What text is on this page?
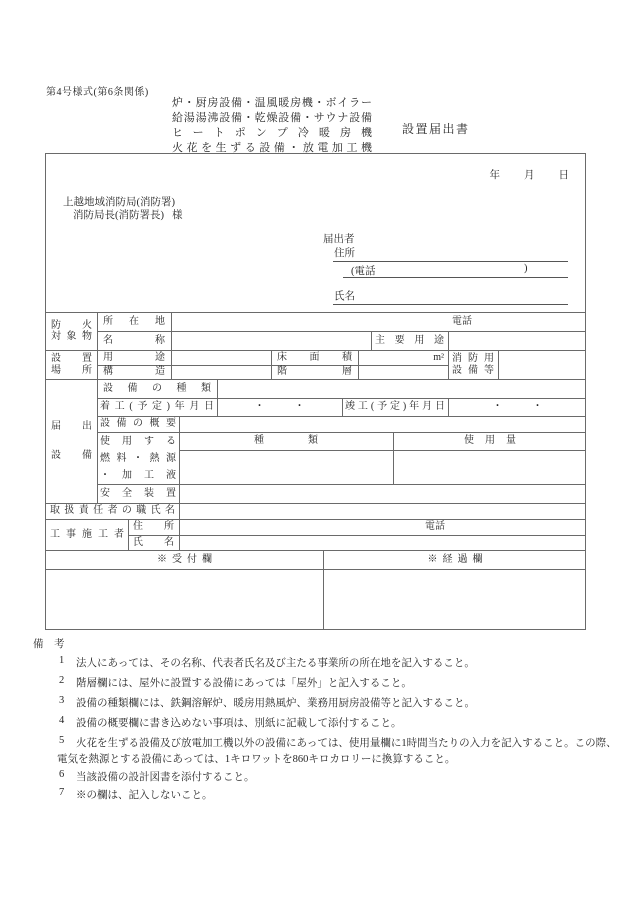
第4号様式(第6条関係)
炉・厨房設備・温風暖房機・ボイラー
給湯湯沸設備・乾燥設備・サウナ設備
ヒートポンプ冷暖房機
火花を生ずる設備・放電加工機
設置届出書
年 月 日
上越地域消防局(消防署)
消防局長(消防署長) 様
届出者
住所
(電話	)
氏名
防火
対象物
所在地	電話
名称	主要用途
設置
場所
用途	床面積	m² 消防用
設備等
構造	階層
届出
設備
設備の種類
着工(予定)年月日	・　　　・	竣工(予定)年月日	・　　　・
設備の概要
使用する
燃料・熱源
・加工液
種類	使用量
安全装置
取扱責任者の職氏名
工事施工者
住所	電話
氏名
※受付欄	※経過欄
備　考
1	法人にあっては、その名称、代表者氏名及び主たる事業所の所在地を記入すること。
2	階層欄には、屋外に設置する設備にあっては「屋外」と記入すること。
3	設備の種類欄には、鉄鋼溶解炉、暖房用熱風炉、業務用厨房設備等と記入すること。
4	設備の概要欄に書き込めない事項は、別紙に記載して添付すること。
5	火花を生ずる設備及び放電加工機以外の設備にあっては、使用量欄に1時間当たりの入力を記入すること。この際、
電気を熱源とする設備にあっては、1キロワットを860キロカロリーに換算すること。
6	当該設備の設計図書を添付すること。
7	※の欄は、記入しないこと。
